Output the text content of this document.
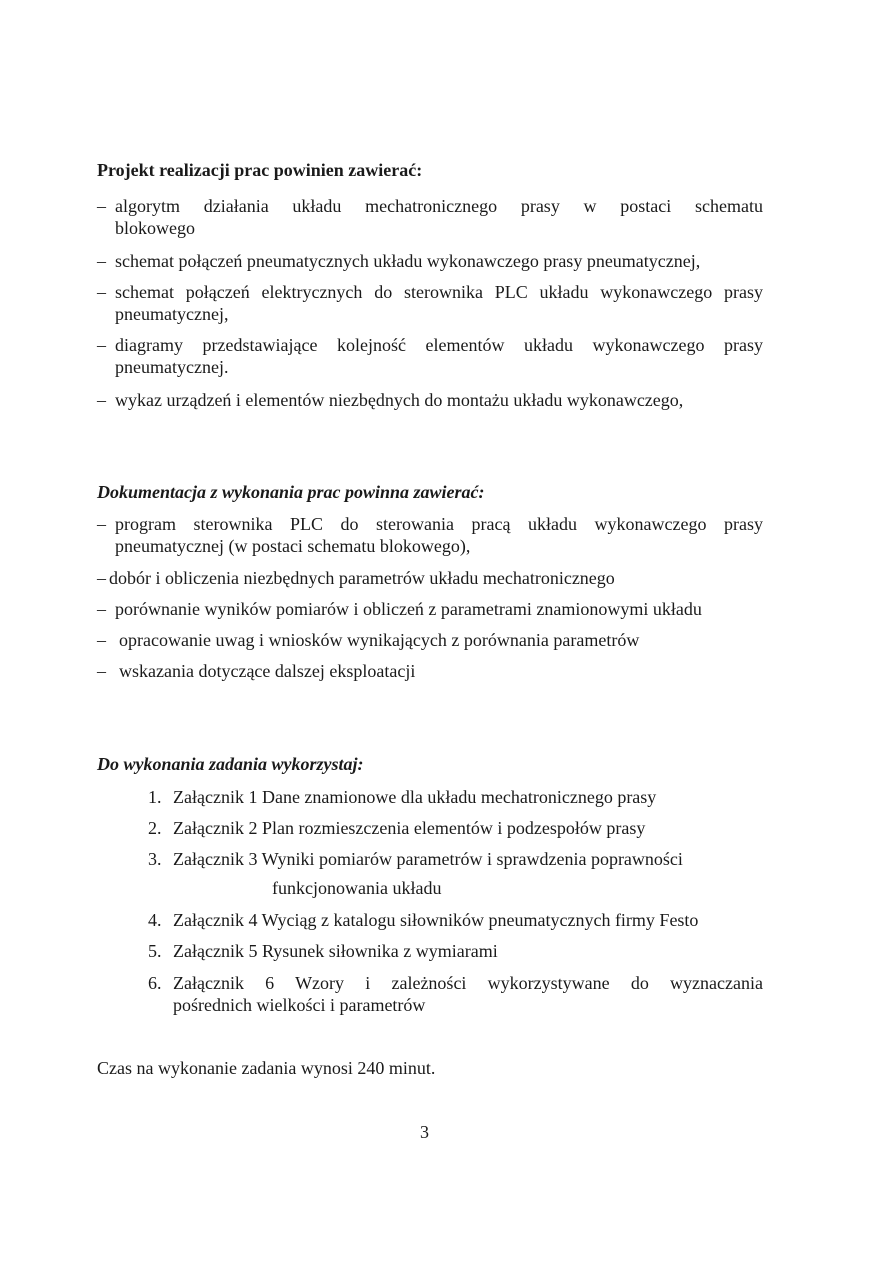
Projekt realizacji prac powinien zawierać:
– algorytm działania układu mechatronicznego prasy w postaci schematu
blokowego
– schemat połączeń pneumatycznych układu wykonawczego prasy pneumatycznej,
– schemat połączeń elektrycznych do sterownika PLC układu wykonawczego prasy
pneumatycznej,
– diagramy przedstawiające kolejność elementów układu wykonawczego prasy
pneumatycznej.
– wykaz urządzeń i elementów niezbędnych do montażu układu wykonawczego,
Dokumentacja z wykonania prac powinna zawierać:
– program sterownika PLC do sterowania pracą układu wykonawczego prasy
pneumatycznej (w postaci schematu blokowego),
– dobór i obliczenia niezbędnych parametrów układu mechatronicznego
– porównanie wyników pomiarów i obliczeń z parametrami znamionowymi układu
– opracowanie uwag i wniosków wynikających z porównania parametrów
– wskazania dotyczące dalszej eksploatacji
Do wykonania zadania wykorzystaj:
1. Załącznik 1 Dane znamionowe dla układu mechatronicznego prasy
2. Załącznik 2 Plan rozmieszczenia elementów i podzespołów prasy
3. Załącznik 3 Wyniki pomiarów parametrów i sprawdzenia poprawności
funkcjonowania układu
4. Załącznik 4 Wyciąg z katalogu siłowników pneumatycznych firmy Festo
5. Załącznik 5 Rysunek siłownika z wymiarami
6. Załącznik 6 Wzory i zależności wykorzystywane do wyznaczania
pośrednich wielkości i parametrów
Czas na wykonanie zadania wynosi 240 minut.
3
